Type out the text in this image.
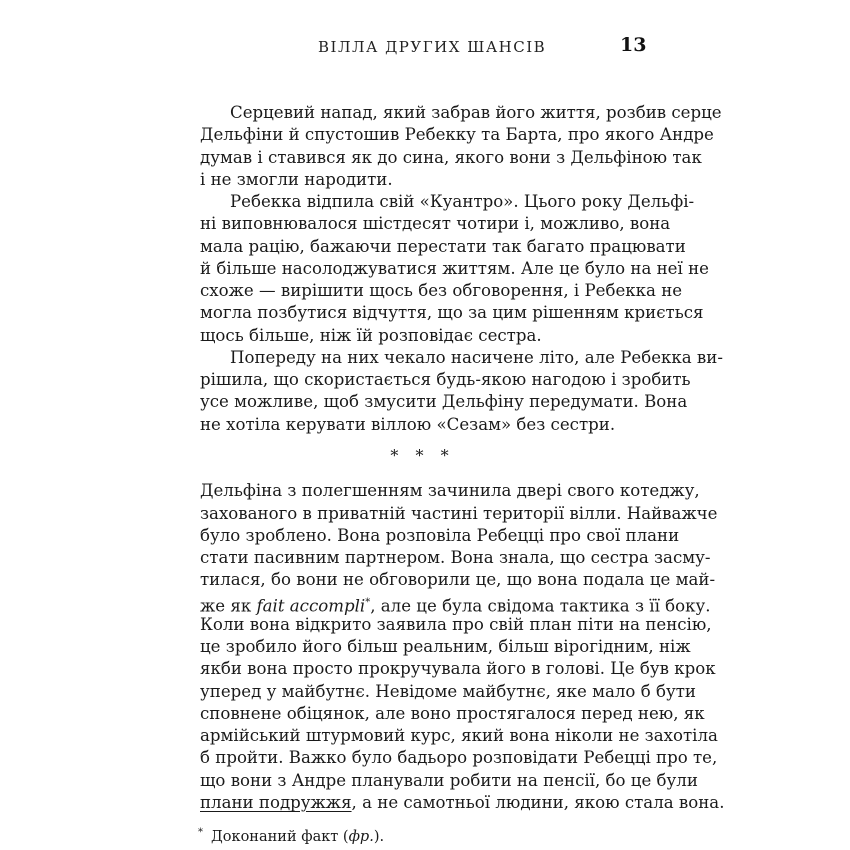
ВІЛЛА ДРУГИХ ШАНСІВ	13
Серцевий напад, який забрав його життя, розбив серце
Дельфіни й спустошив Ребекку та Барта, про якого Андре
думав і ставився як до сина, якого вони з Дельфіною так
і не змогли народити.
Ребекка відпила свій «Куантро». Цього року Дельфі-
ні виповнювалося шістдесят чотири і, можливо, вона
мала рацію, бажаючи перестати так багато працювати
й більше насолоджуватися життям. Але це було на неї не
схоже — вирішити щось без обговорення, і Ребекка не
могла позбутися відчуття, що за цим рішенням криється
щось більше, ніж їй розповідає сестра.
Попереду на них чекало насичене літо, але Ребекка ви-
рішила, що скористається будь-якою нагодою і зробить
усе можливе, щоб змусити Дельфіну передумати. Вона
не хотіла керувати віллою «Сезам» без сестри.
* * *
Дельфіна з полегшенням зачинила двері свого котеджу,
захованого в приватній частині території вілли. Найважче
було зроблено. Вона розповіла Ребецці про свої плани
стати пасивним партнером. Вона знала, що сестра засму-
тилася, бо вони не обговорили це, що вона подала це май-
же як fait accompli*, але це була свідома тактика з її боку.
Коли вона відкрито заявила про свій план піти на пенсію,
це зробило його більш реальним, більш вірогідним, ніж
якби вона просто прокручувала його в голові. Це був крок
уперед у майбутнє. Невідоме майбутнє, яке мало б бути
сповнене обіцянок, але воно простягалося перед нею, як
армійський штурмовий курс, який вона ніколи не захотіла
б пройти. Важко було бадьоро розповідати Ребецці про те,
що вони з Андре планували робити на пенсії, бо це були
плани подружжя, а не самотньої людини, якою стала вона.
* Доконаний факт (фр.).
